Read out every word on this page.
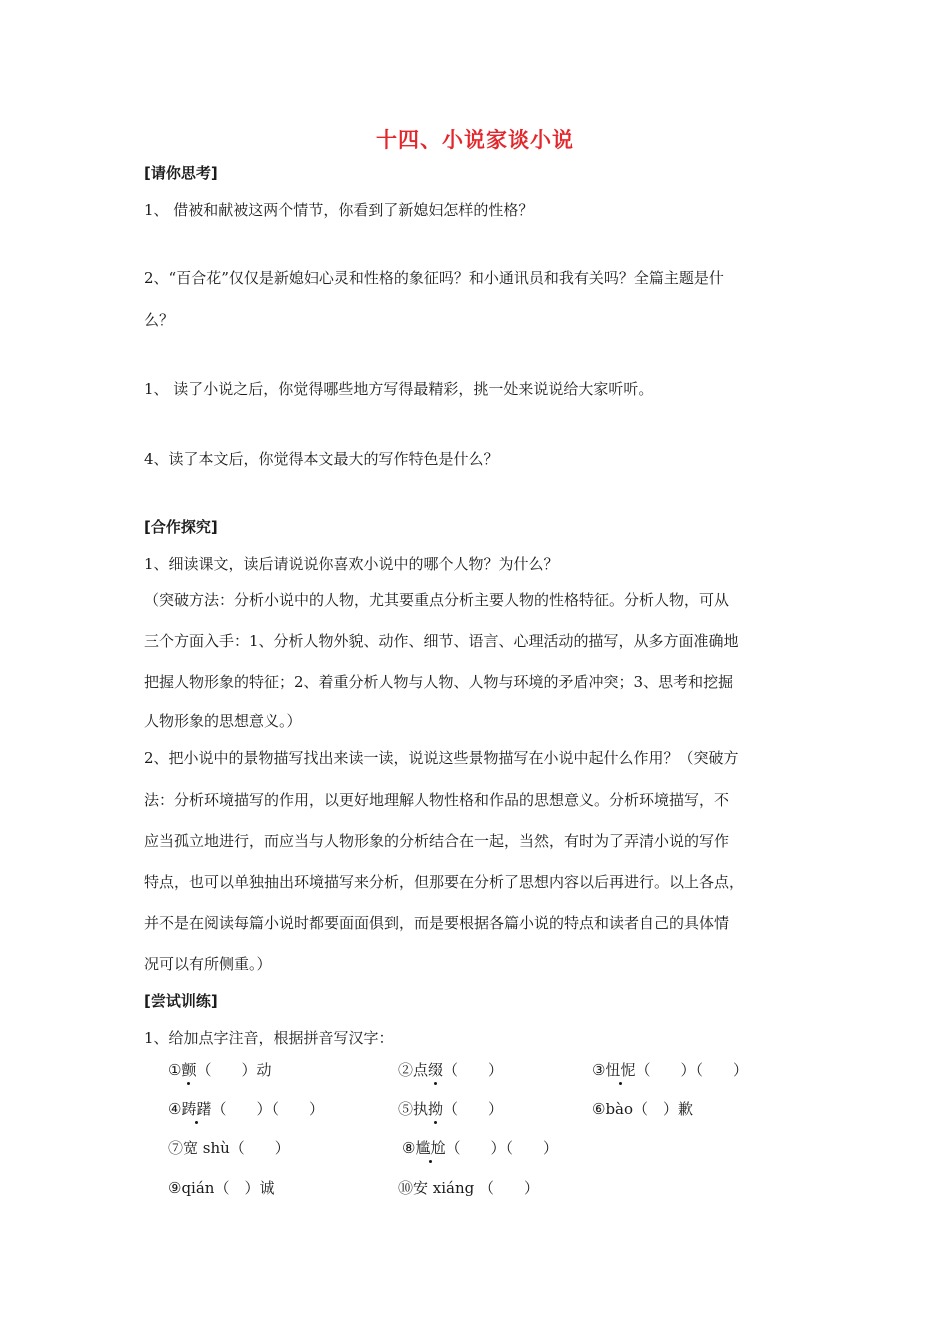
十四、小说家谈小说
[请你思考]
1、 借被和献被这两个情节，你看到了新媳妇怎样的性格？
2、“百合花”仅仅是新媳妇心灵和性格的象征吗？和小通讯员和我有关吗？全篇主题是什
么？
1、 读了小说之后，你觉得哪些地方写得最精彩，挑一处来说说给大家听听。
4、读了本文后，你觉得本文最大的写作特色是什么？
[合作探究]
1、细读课文，读后请说说你喜欢小说中的哪个人物？为什么？
（突破方法：分析小说中的人物，尤其要重点分析主要人物的性格特征。分析人物，可从
三个方面入手：1、分析人物外貌、动作、细节、语言、心理活动的描写，从多方面准确地
把握人物形象的特征；2、着重分析人物与人物、人物与环境的矛盾冲突；3、思考和挖掘
人物形象的思想意义。）
2、把小说中的景物描写找出来读一读，说说这些景物描写在小说中起什么作用？（突破方
法：分析环境描写的作用，以更好地理解人物性格和作品的思想意义。分析环境描写，不
应当孤立地进行，而应当与人物形象的分析结合在一起，当然，有时为了弄清小说的写作
特点，也可以单独抽出环境描写来分析，但那要在分析了思想内容以后再进行。以上各点，
并不是在阅读每篇小说时都要面面俱到，而是要根据各篇小说的特点和读者自己的具体情
况可以有所侧重。）
[尝试训练]
1、给加点字注音，根据拼音写汉字：
①颤（　　）动	②点缀（　　）	③忸怩（　　）（　　）
④踌躇（　　）（　　）	⑤执拗（　　）	⑥bào（　）歉
⑦宽 shù（　　）	⑧尴尬（　　）（　　）
⑨qián（　）诚	⑩安 xiáng （　　）
